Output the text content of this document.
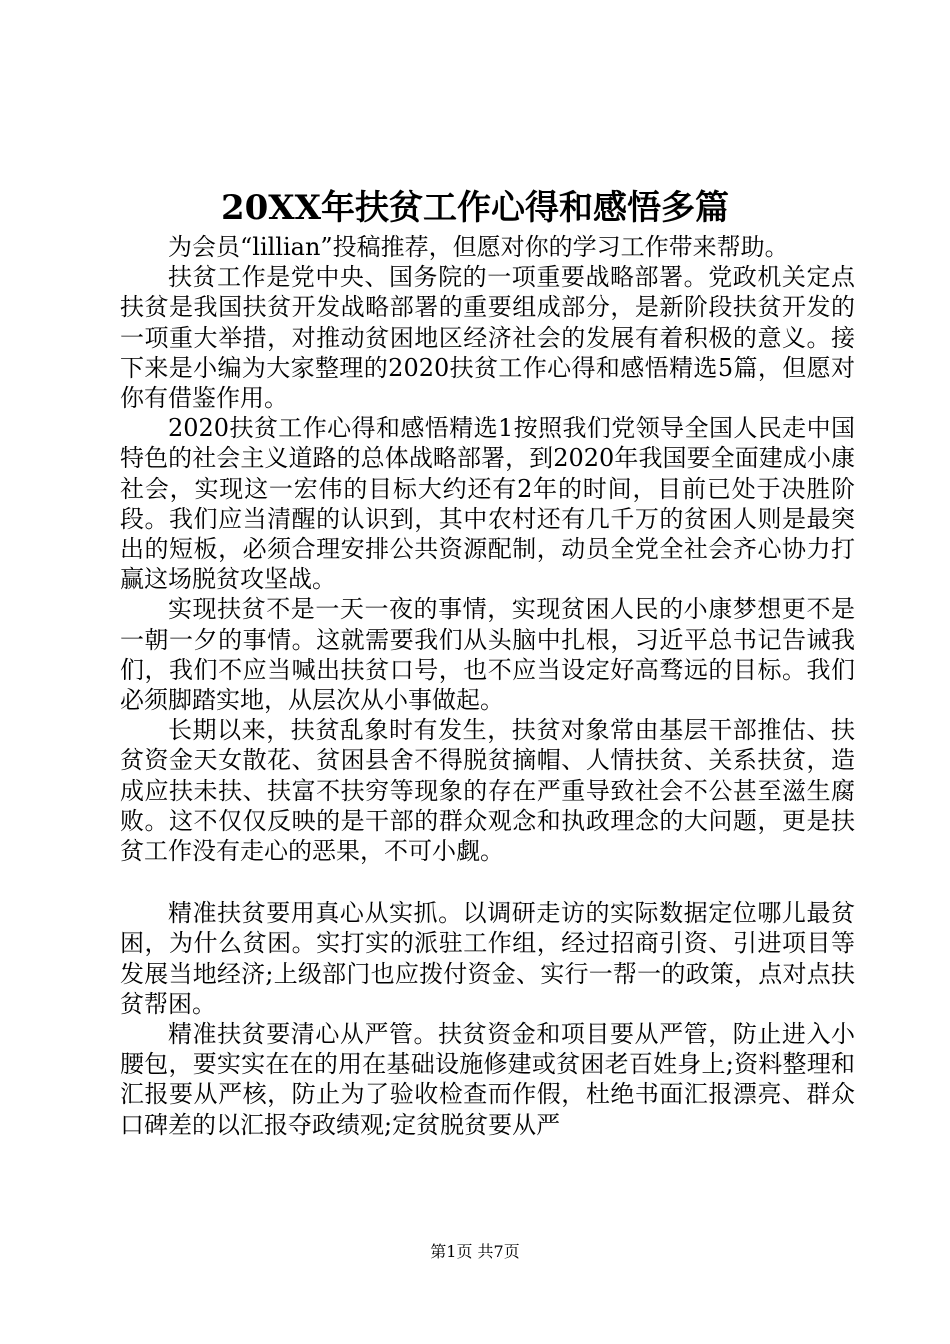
20XX年扶贫工作心得和感悟多篇

为会员“lillian”投稿推荐，但愿对你的学习工作带来帮助。

扶贫工作是党中央、国务院的一项重要战略部署。党政机关定点扶贫是我国扶贫开发战略部署的重要组成部分，是新阶段扶贫开发的一项重大举措，对推动贫困地区经济社会的发展有着积极的意义。接下来是小编为大家整理的2020扶贫工作心得和感悟精选5篇，但愿对你有借鉴作用。

2020扶贫工作心得和感悟精选1按照我们党领导全国人民走中国特色的社会主义道路的总体战略部署，到2020年我国要全面建成小康社会，实现这一宏伟的目标大约还有2年的时间，目前已处于决胜阶段。我们应当清醒的认识到，其中农村还有几千万的贫困人则是最突出的短板，必须合理安排公共资源配制，动员全党全社会齐心协力打赢这场脱贫攻坚战。

实现扶贫不是一天一夜的事情，实现贫困人民的小康梦想更不是一朝一夕的事情。这就需要我们从头脑中扎根，习近平总书记告诫我们，我们不应当喊出扶贫口号，也不应当设定好高骛远的目标。我们必须脚踏实地，从层次从小事做起。

长期以来，扶贫乱象时有发生，扶贫对象常由基层干部推估、扶贫资金天女散花、贫困县舍不得脱贫摘帽、人情扶贫、关系扶贫，造成应扶未扶、扶富不扶穷等现象的存在严重导致社会不公甚至滋生腐败。这不仅仅反映的是干部的群众观念和执政理念的大问题，更是扶贫工作没有走心的恶果，不可小觑。

精准扶贫要用真心从实抓。以调研走访的实际数据定位哪儿最贫困，为什么贫困。实打实的派驻工作组，经过招商引资、引进项目等发展当地经济;上级部门也应拨付资金、实行一帮一的政策，点对点扶贫帮困。

精准扶贫要清心从严管。扶贫资金和项目要从严管，防止进入小腰包，要实实在在的用在基础设施修建或贫困老百姓身上;资料整理和汇报要从严核，防止为了验收检查而作假，杜绝书面汇报漂亮、群众口碑差的以汇报夺政绩观;定贫脱贫要从严

第1页 共7页
